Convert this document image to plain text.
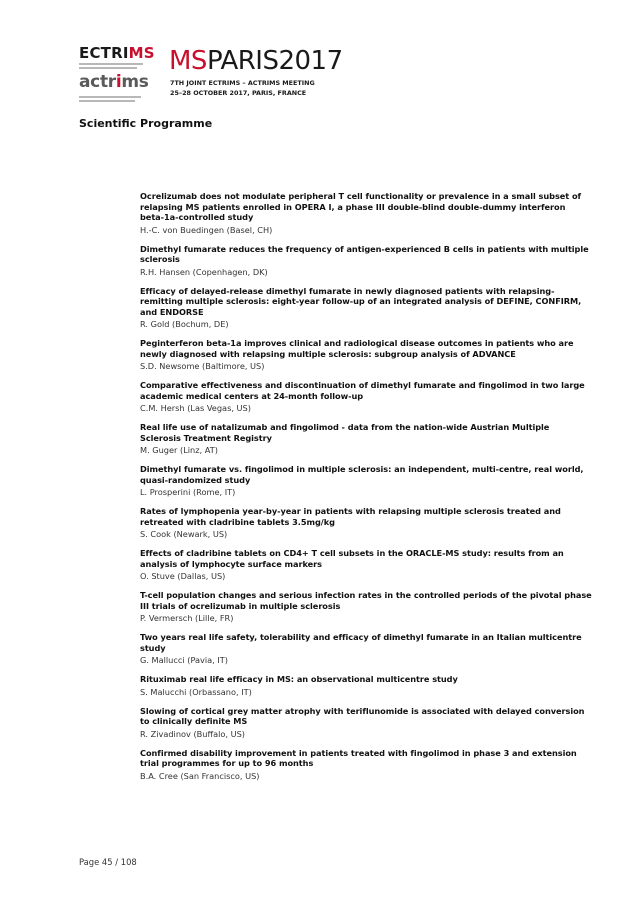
ECTRIMS
actrims
MSPARIS2017
7TH JOINT ECTRIMS – ACTRIMS MEETING
25–28 OCTOBER 2017, PARIS, FRANCE
Scientific Programme
Ocrelizumab does not modulate peripheral T cell functionality or prevalence in a small subset of relapsing MS patients enrolled in OPERA I, a phase III double-blind double-dummy interferon beta-1a-controlled study
H.-C. von Buedingen (Basel, CH)
Dimethyl fumarate reduces the frequency of antigen-experienced B cells in patients with multiple sclerosis
R.H. Hansen (Copenhagen, DK)
Efficacy of delayed-release dimethyl fumarate in newly diagnosed patients with relapsing-remitting multiple sclerosis: eight-year follow-up of an integrated analysis of DEFINE, CONFIRM, and ENDORSE
R. Gold (Bochum, DE)
Peginterferon beta-1a improves clinical and radiological disease outcomes in patients who are newly diagnosed with relapsing multiple sclerosis: subgroup analysis of ADVANCE
S.D. Newsome (Baltimore, US)
Comparative effectiveness and discontinuation of dimethyl fumarate and fingolimod in two large academic medical centers at 24-month follow-up
C.M. Hersh (Las Vegas, US)
Real life use of natalizumab and fingolimod - data from the nation-wide Austrian Multiple Sclerosis Treatment Registry
M. Guger (Linz, AT)
Dimethyl fumarate vs. fingolimod in multiple sclerosis: an independent, multi-centre, real world, quasi-randomized study
L. Prosperini (Rome, IT)
Rates of lymphopenia year-by-year in patients with relapsing multiple sclerosis treated and retreated with cladribine tablets 3.5mg/kg
S. Cook (Newark, US)
Effects of cladribine tablets on CD4+ T cell subsets in the ORACLE-MS study: results from an analysis of lymphocyte surface markers
O. Stuve (Dallas, US)
T-cell population changes and serious infection rates in the controlled periods of the pivotal phase III trials of ocrelizumab in multiple sclerosis
P. Vermersch (Lille, FR)
Two years real life safety, tolerability and efficacy of dimethyl fumarate in an Italian multicentre study
G. Mallucci (Pavia, IT)
Rituximab real life efficacy in MS: an observational multicentre study
S. Malucchi (Orbassano, IT)
Slowing of cortical grey matter atrophy with teriflunomide is associated with delayed conversion to clinically definite MS
R. Zivadinov (Buffalo, US)
Confirmed disability improvement in patients treated with fingolimod in phase 3 and extension trial programmes for up to 96 months
B.A. Cree (San Francisco, US)
Page 45 / 108
